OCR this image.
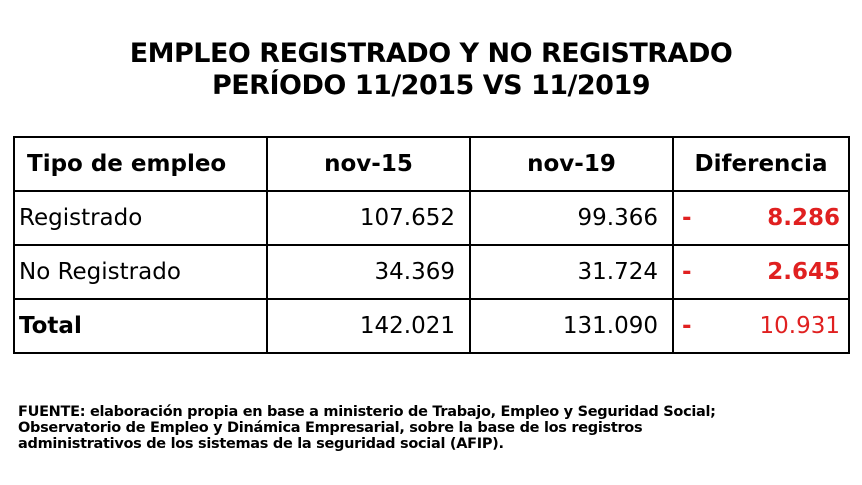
EMPLEO REGISTRADO Y NO REGISTRADO
PERÍODO 11/2015 VS 11/2019
Tipo de empleo	nov-15	nov-19	Diferencia
Registrado	107.652	99.366	- 8.286
No Registrado	34.369	31.724	- 2.645
Total	142.021	131.090	- 10.931
FUENTE: elaboración propia en base a ministerio de Trabajo, Empleo y Seguridad Social;
Observatorio de Empleo y Dinámica Empresarial, sobre la base de los registros
administrativos de los sistemas de la seguridad social (AFIP).
